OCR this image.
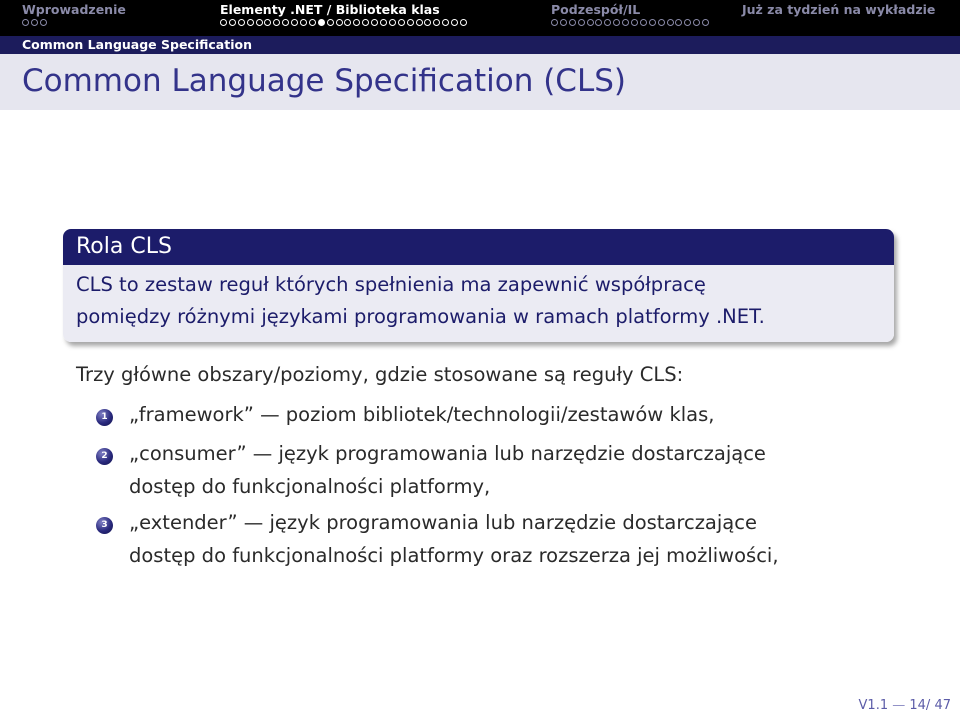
Wprowadzenie	Elementy .NET / Biblioteka klas	Podzespół/IL	Już za tydzień na wykładzie
Common Language Specification
Common Language Specification (CLS)
Rola CLS
CLS to zestaw reguł których spełnienia ma zapewnić współpracę
pomiędzy różnymi językami programowania w ramach platformy .NET.
Trzy główne obszary/poziomy, gdzie stosowane są reguły CLS:
1 „framework” — poziom bibliotek/technologii/zestawów klas,
2 „consumer” — język programowania lub narzędzie dostarczające
dostęp do funkcjonalności platformy,
3 „extender” — język programowania lub narzędzie dostarczające
dostęp do funkcjonalności platformy oraz rozszerza jej możliwości,
V1.1 — 14/ 47
